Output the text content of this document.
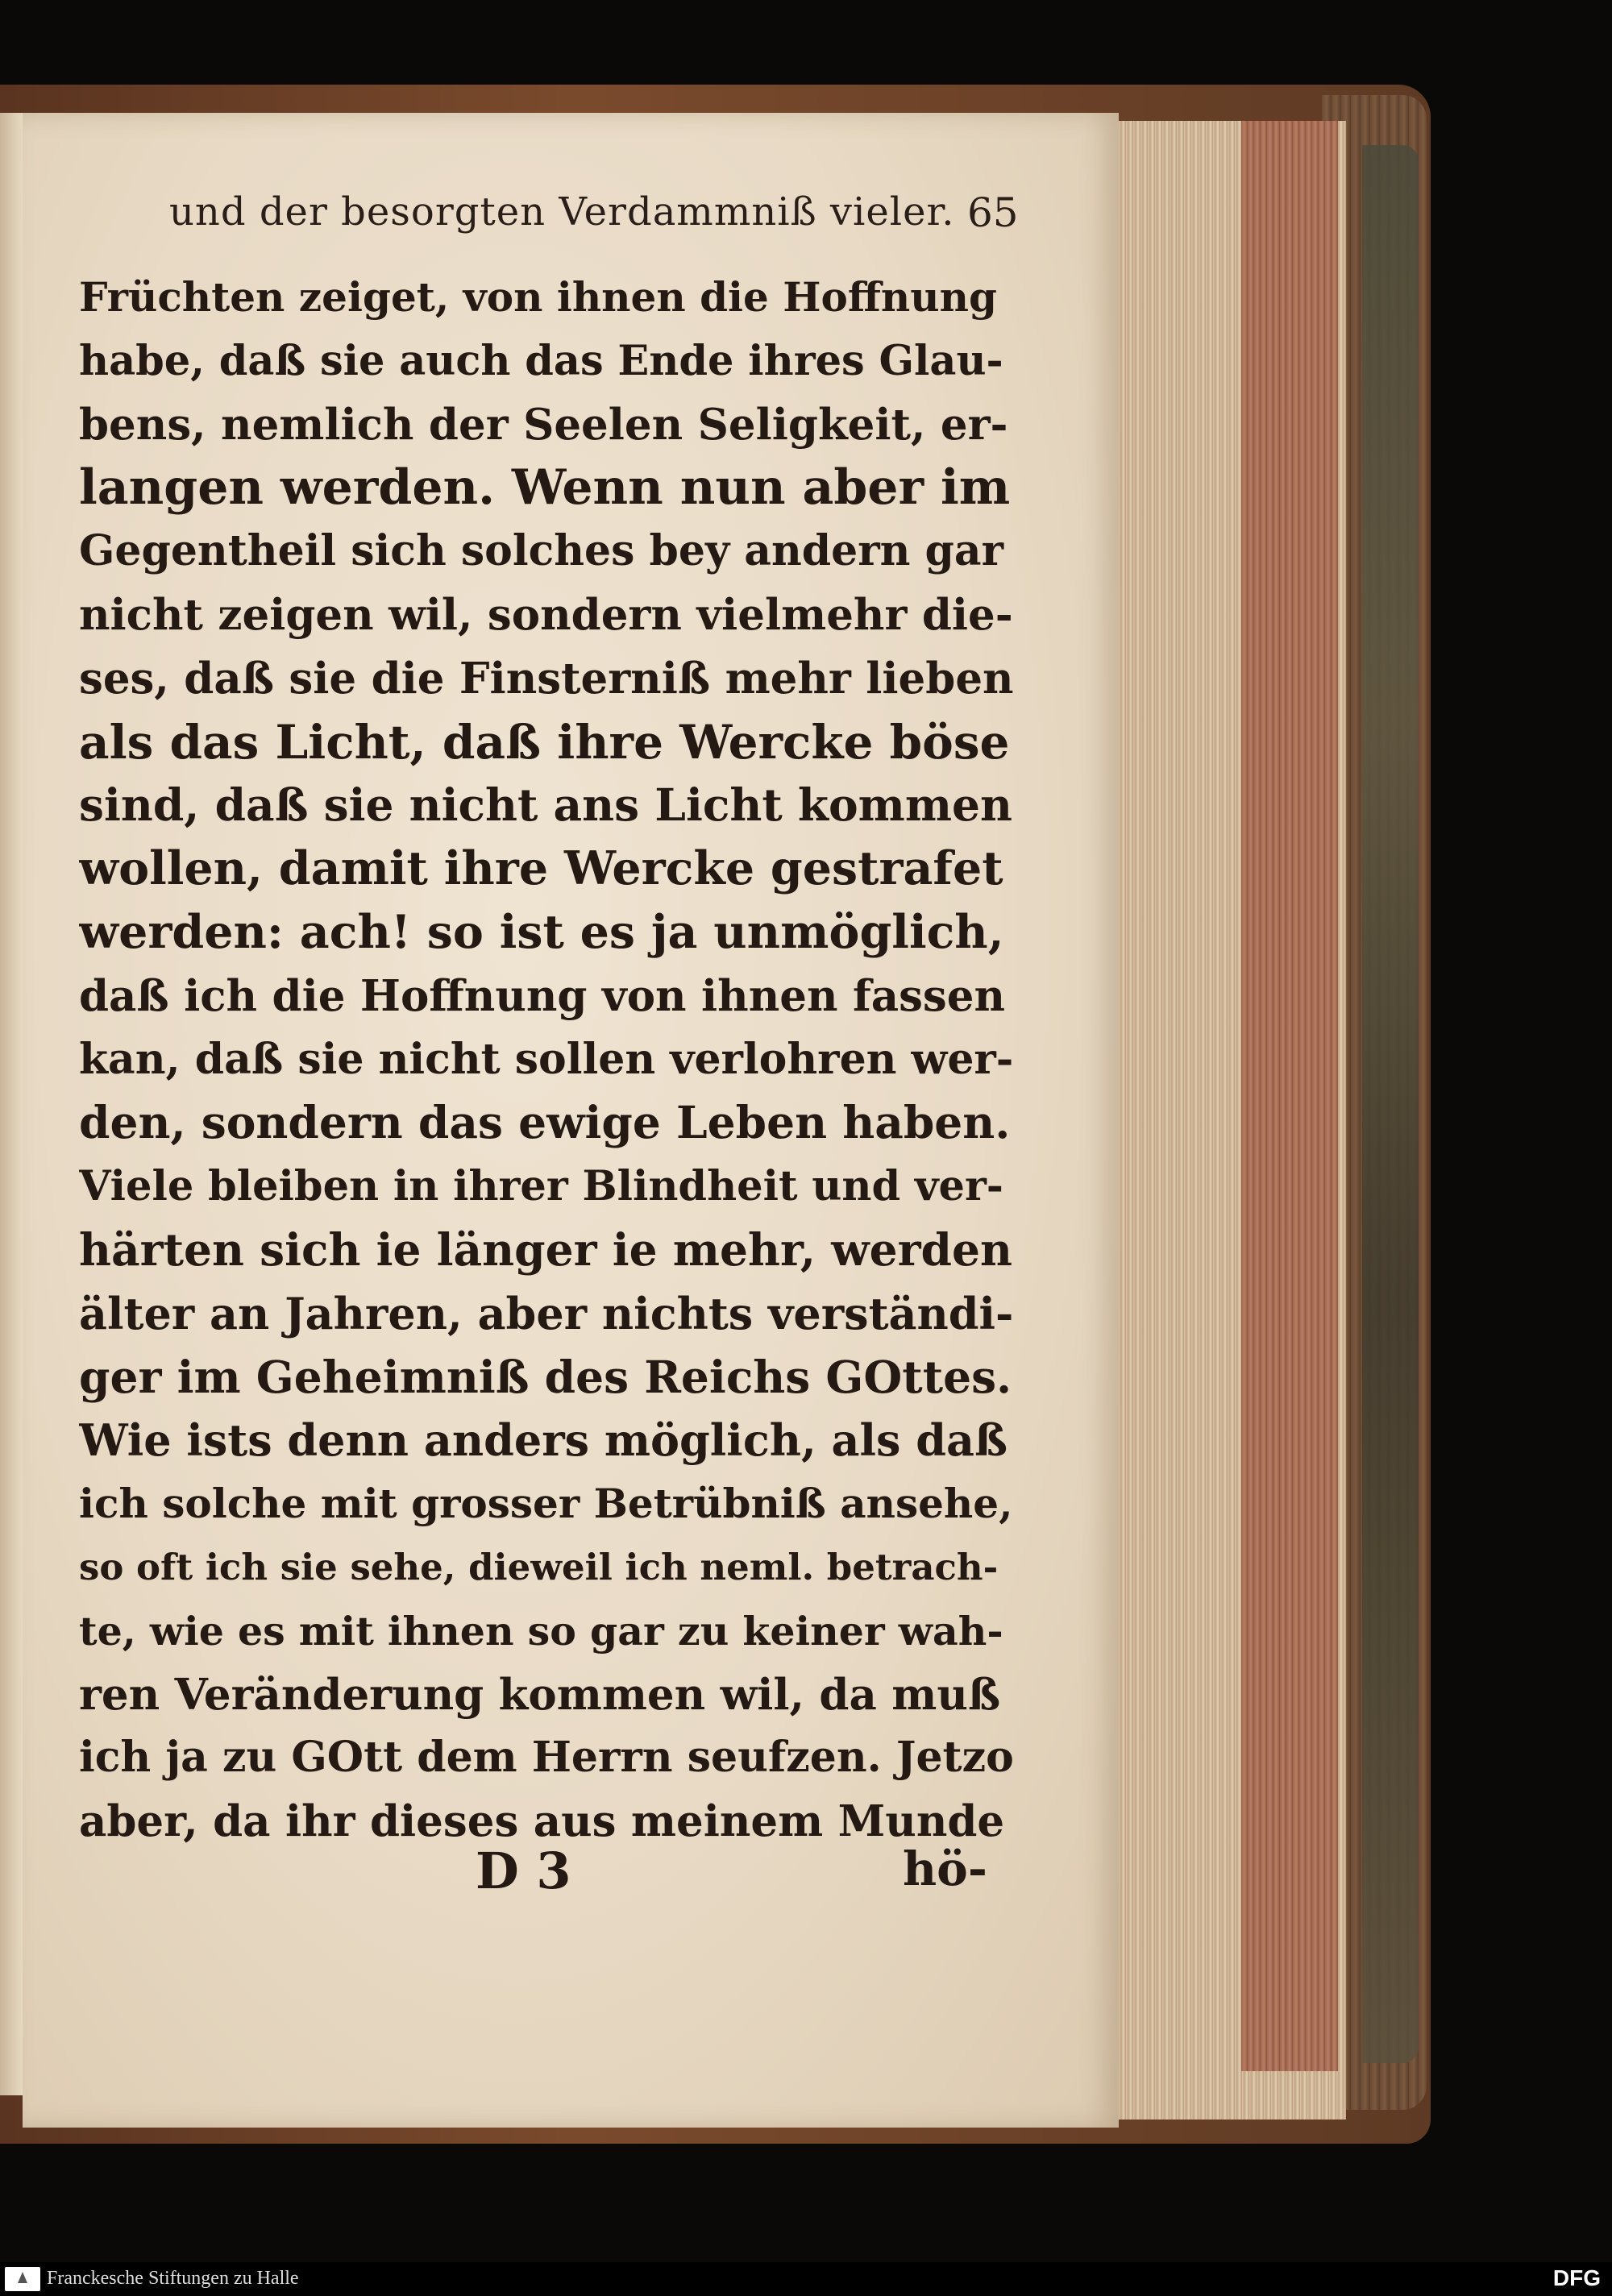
und der besorgten Verdammniß vieler. 65
Früchten zeiget, von ihnen die Hoffnung
habe, daß sie auch das Ende ihres Glau-
bens, nemlich der Seelen Seligkeit, er-
langen werden. Wenn nun aber im
Gegentheil sich solches bey andern gar
nicht zeigen wil, sondern vielmehr die-
ses, daß sie die Finsterniß mehr lieben
als das Licht, daß ihre Wercke böse
sind, daß sie nicht ans Licht kommen
wollen, damit ihre Wercke gestrafet
werden: ach! so ist es ja unmöglich,
daß ich die Hoffnung von ihnen fassen
kan, daß sie nicht sollen verlohren wer-
den, sondern das ewige Leben haben.
Viele bleiben in ihrer Blindheit und ver-
härten sich ie länger ie mehr, werden
älter an Jahren, aber nichts verständi-
ger im Geheimniß des Reichs GOttes.
Wie ists denn anders möglich, als daß
ich solche mit grosser Betrübniß ansehe,
so oft ich sie sehe, dieweil ich neml. betrach-
te, wie es mit ihnen so gar zu keiner wah-
ren Veränderung kommen wil, da muß
ich ja zu GOtt dem Herrn seufzen. Jetzo
aber, da ihr dieses aus meinem Munde
D 3	hö-
Franckesche Stiftungen zu Halle	DFG
